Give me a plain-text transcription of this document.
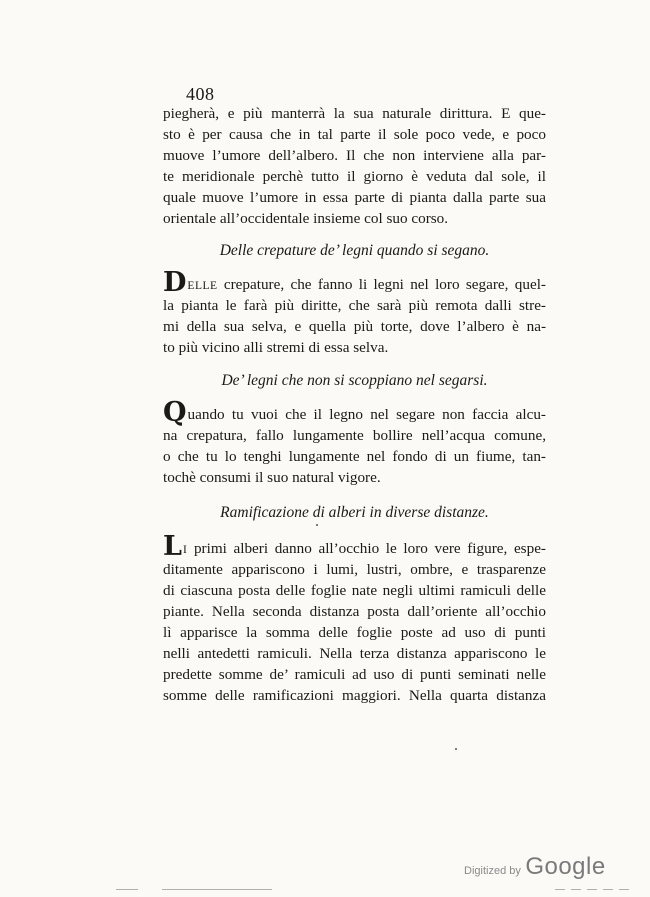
408
piegherà, e più manterrà la sua naturale dirittura. E que-
sto è per causa che in tal parte il sole poco vede, e poco
muove l’umore dell’albero. Il che non interviene alla par-
te meridionale perchè tutto il giorno è veduta dal sole, il
quale muove l’umore in essa parte di pianta dalla parte sua
orientale all’occidentale insieme col suo corso.
Delle crepature de’ legni quando si segano.
DELLE crepature, che fanno li legni nel loro segare, quel-
la pianta le farà più diritte, che sarà più remota dalli stre-
mi della sua selva, e quella più torte, dove l’albero è na-
to più vicino alli stremi di essa selva.
De’ legni che non si scoppiano nel segarsi.
Quando tu vuoi che il legno nel segare non faccia alcu-
na crepatura, fallo lungamente bollire nell’acqua comune,
o che tu lo tenghi lungamente nel fondo di un fiume, tan-
tochè consumi il suo natural vigore.
Ramificazione di alberi in diverse distanze.
LI primi alberi danno all’occhio le loro vere figure, espe-
ditamente appariscono i lumi, lustri, ombre, e trasparenze
di ciascuna posta delle foglie nate negli ultimi ramiculi delle
piante. Nella seconda distanza posta dall’oriente all’occhio
lì apparisce la somma delle foglie poste ad uso di punti
nelli antedetti ramiculi. Nella terza distanza appariscono le
predette somme de’ ramiculi ad uso di punti seminati nelle
somme delle ramificazioni maggiori. Nella quarta distanza
Digitized by Google
